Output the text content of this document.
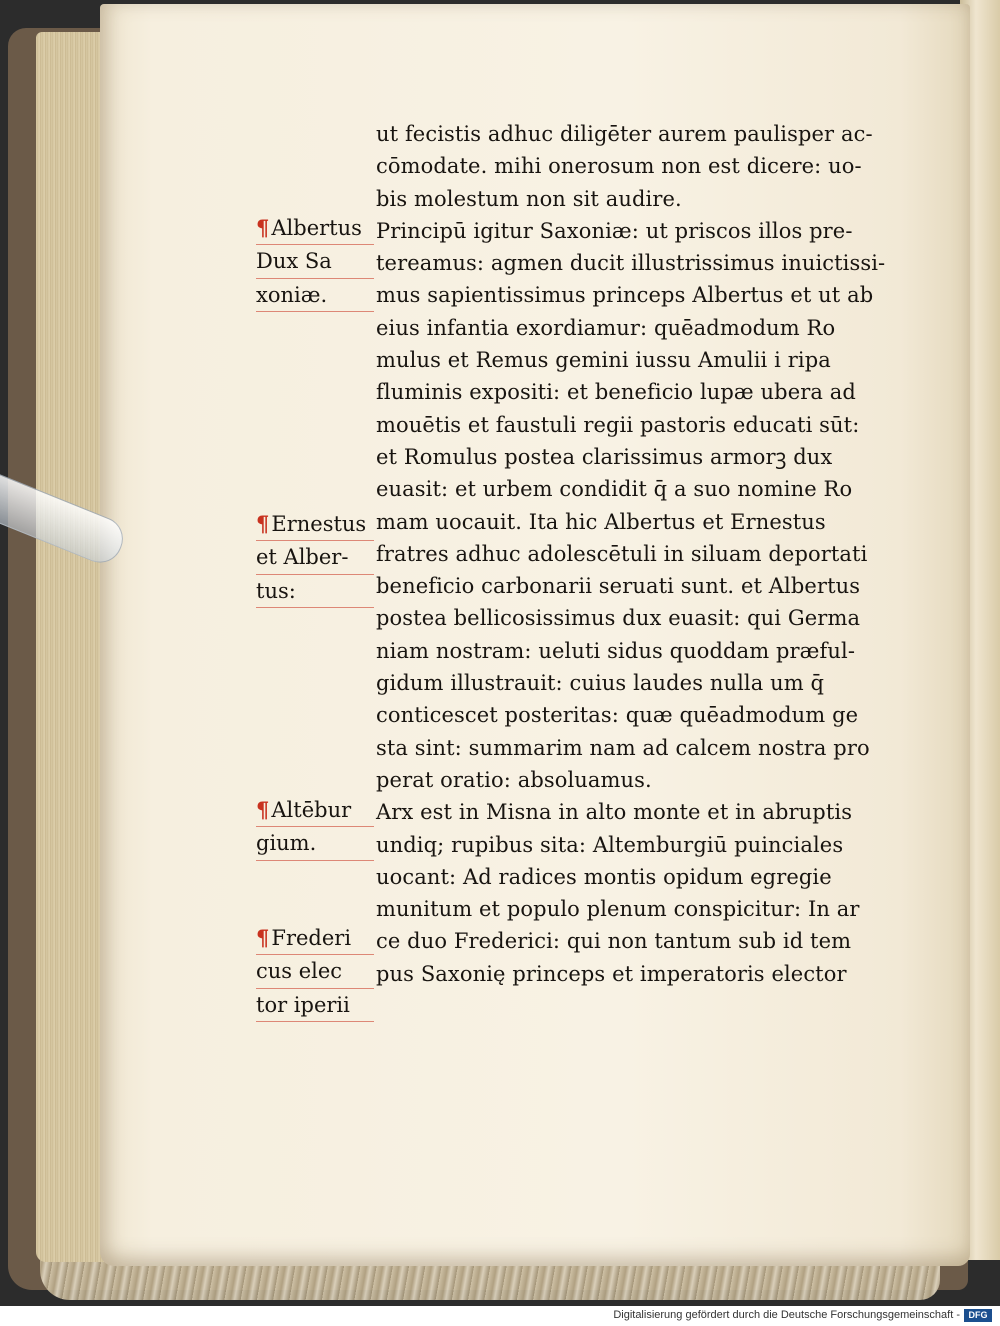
¶Albertus
Dux Sa
xoniæ.
¶Ernestus
et Alber-
tus:
¶Altēbur
gium.
¶Frederi
cus elec
tor iperii
ut fecistis adhuc diligēter aurem paulisper ac-
cōmodate. mihi onerosum non est dicere: uo-
bis molestum non sit audire.
Principū igitur Saxoniæ: ut priscos illos pre-
tereamus: agmen ducit illustrissimus inuictissi-
mus sapientissimus princeps Albertus et ut ab
eius infantia exordiamur: quēadmodum Ro
mulus et Remus gemini iussu Amulii i ripa
fluminis expositi: et beneficio lupæ ubera ad
mouētis et faustuli regii pastoris educati sūt:
et Romulus postea clarissimus armorꝫ dux
euasit: et urbem condidit q̄ a suo nomine Ro
mam uocauit. Ita hic Albertus et Ernestus
fratres adhuc adolescētuli in siluam deportati
beneficio carbonarii seruati sunt. et Albertus
postea bellicosissimus dux euasit: qui Germa
niam nostram: ueluti sidus quoddam præful-
gidum illustrauit: cuius laudes nulla um q̄
conticescet posteritas: quæ quēadmodum ge
sta sint: summarim nam ad calcem nostra pro
perat oratio: absoluamus.
Arx est in Misna in alto monte et in abruptis
undiq; rupibus sita: Altemburgiū puinciales
uocant: Ad radices montis opidum egregie
munitum et populo plenum conspicitur: In ar
ce duo Frederici: qui non tantum sub id tem
pus Saxonię princeps et imperatoris elector
Digitalisierung gefördert durch die Deutsche Forschungsgemeinschaft - DFG
